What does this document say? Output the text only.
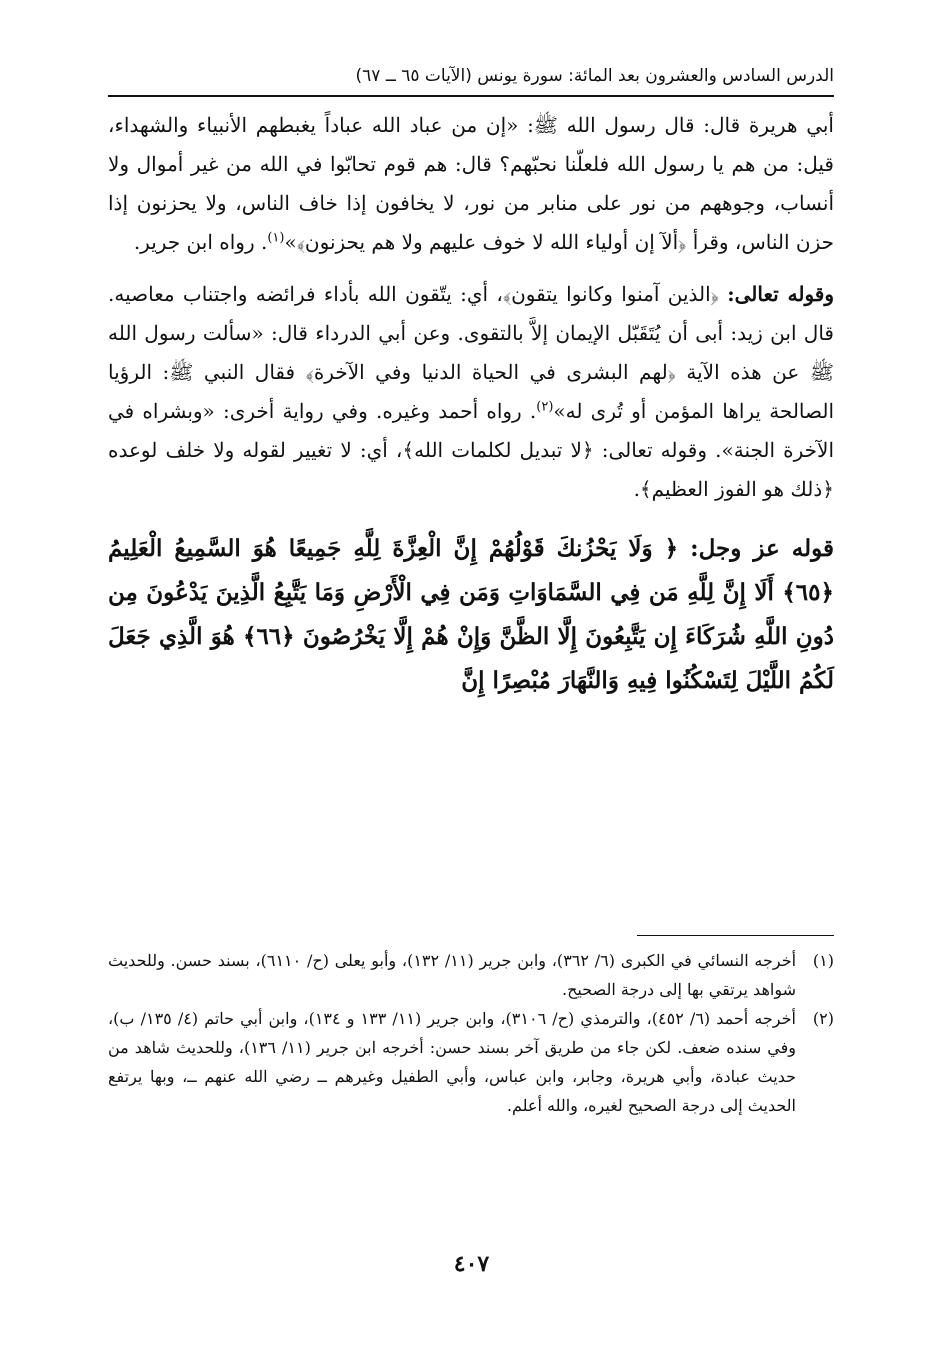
الدرس السادس والعشرون بعد المائة: سورة يونس (الآيات ٦٥ ــ ٦٧)

أبي هريرة قال: قال رسول الله ﷺ: «إن من عباد الله عباداً يغبطهم الأنبياء والشهداء، قيل: من هم يا رسول الله فلعلّنا نحبّهم؟ قال: هم قوم تحابّوا في الله من غير أموال ولا أنساب، وجوههم من نور على منابر من نور، لا يخافون إذا خاف الناس، ولا يحزنون إذا حزن الناس، وقرأ ﴿ألآ إن أولياء الله لا خوف عليهم ولا هم يحزنون﴾»$^{(١)}$. رواه ابن جرير.

وقوله تعالى: ﴿الذين آمنوا وكانوا يتقون﴾، أي: يتّقون الله بأداء فرائضه واجتناب معاصيه. قال ابن زيد: أبى أن يُتَقَبّل الإيمان إلاَّ بالتقوى. وعن أبي الدرداء قال: «سألت رسول الله ﷺ عن هذه الآية ﴿لهم البشرى في الحياة الدنيا وفي الآخرة﴾ فقال النبي ﷺ: الرؤيا الصالحة يراها المؤمن أو تُرى له»$^{(٢)}$. رواه أحمد وغيره. وفي رواية أخرى: «وبشراه في الآخرة الجنة». وقوله تعالى: ﴿لا تبديل لكلمات الله﴾، أي: لا تغيير لقوله ولا خلف لوعده ﴿ذلك هو الفوز العظيم﴾.

قوله عز وجل: ﴿ وَلَا يَحْزُنكَ قَوْلُهُمْ إِنَّ الْعِزَّةَ لِلَّهِ جَمِيعًا هُوَ السَّمِيعُ الْعَلِيمُ ﴿٦٥﴾ أَلَا إِنَّ لِلَّهِ مَن فِي السَّمَاوَاتِ وَمَن فِي الْأَرْضِ وَمَا يَتَّبِعُ الَّذِينَ يَدْعُونَ مِن دُونِ اللَّهِ شُرَكَاءَ إِن يَتَّبِعُونَ إِلَّا الظَّنَّ وَإِنْ هُمْ إِلَّا يَخْرُصُونَ ﴿٦٦﴾ هُوَ الَّذِي جَعَلَ لَكُمُ اللَّيْلَ لِتَسْكُنُوا فِيهِ وَالنَّهَارَ مُبْصِرًا إِنَّ

(١)
أخرجه النسائي في الكبرى (٦/ ٣٦٢)، وابن جرير (١١/ ١٣٢)، وأبو يعلى (ح/ ٦١١٠)، بسند حسن. وللحديث شواهد يرتقي بها إلى درجة الصحيح.
(٢)
أخرجه أحمد (٦/ ٤٥٢)، والترمذي (ح/ ٣١٠٦)، وابن جرير (١١/ ١٣٣ و ١٣٤)، وابن أبي حاتم (٤/ ١٣٥/ ب)، وفي سنده ضعف. لكن جاء من طريق آخر بسند حسن: أخرجه ابن جرير (١١/ ١٣٦)، وللحديث شاهد من حديث عبادة، وأبي هريرة، وجابر، وابن عباس، وأبي الطفيل وغيرهم ــ رضي الله عنهم ــ، وبها يرتفع الحديث إلى درجة الصحيح لغيره، والله أعلم.
٤٠٧
